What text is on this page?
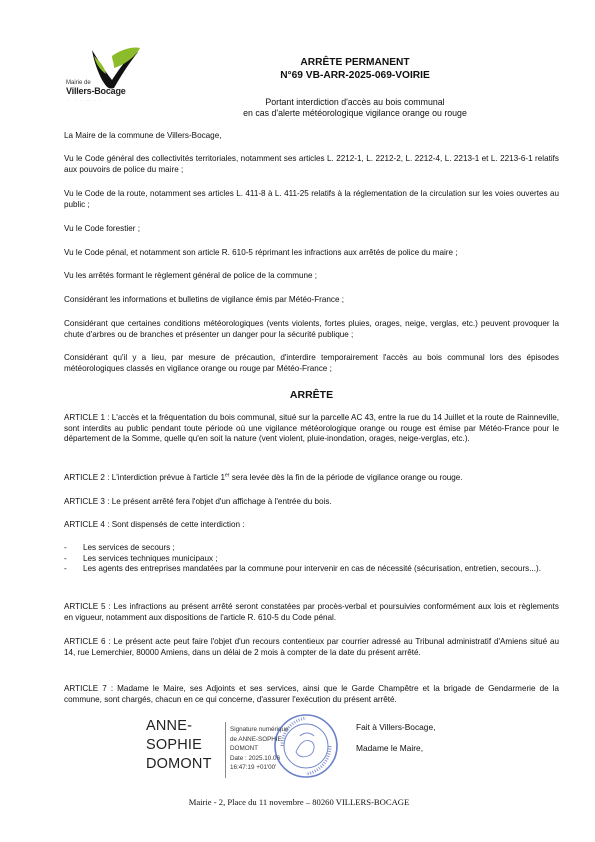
Mairie de
Villers-Bocage
· · · · · ·
ARRÊTE PERMANENT
N°69 VB-ARR-2025-069-VOIRIE
Portant interdiction d'accès au bois communal
en cas d'alerte météorologique vigilance orange ou rouge
La Maire de la commune de Villers-Bocage,
Vu le Code général des collectivités territoriales, notamment ses articles L. 2212-1, L. 2212-2, L. 2212-4, L. 2213-1 et L. 2213-6-1 relatifs aux pouvoirs de police du maire ;
Vu le Code de la route, notamment ses articles L. 411-8 à L. 411-25 relatifs à la réglementation de la circulation sur les voies ouvertes au public ;
Vu le Code forestier ;
Vu le Code pénal, et notamment son article R. 610-5 réprimant les infractions aux arrêtés de police du maire ;
Vu les arrêtés formant le règlement général de police de la commune ;
Considérant les informations et bulletins de vigilance émis par Météo-France ;
Considérant que certaines conditions météorologiques (vents violents, fortes pluies, orages, neige, verglas, etc.) peuvent provoquer la chute d'arbres ou de branches et présenter un danger pour la sécurité publique ;
Considérant qu'il y a lieu, par mesure de précaution, d'interdire temporairement l'accès au bois communal lors des épisodes météorologiques classés en vigilance orange ou rouge par Météo-France ;
ARRÊTE
ARTICLE 1 : L'accès et la fréquentation du bois communal, situé sur la parcelle AC 43, entre la rue du 14 Juillet et la route de Rainneville, sont interdits au public pendant toute période où une vigilance météorologique orange ou rouge est émise par Météo-France pour le département de la Somme, quelle qu'en soit la nature (vent violent, pluie-inondation, orages, neige-verglas, etc.).
ARTICLE 2 : L'interdiction prévue à l'article 1er sera levée dès la fin de la période de vigilance orange ou rouge.
ARTICLE 3 : Le présent arrêté fera l'objet d'un affichage à l'entrée du bois.
ARTICLE 4 : Sont dispensés de cette interdiction :
- Les services de secours ;
- Les services techniques municipaux ;
- Les agents des entreprises mandatées par la commune pour intervenir en cas de nécessité (sécurisation, entretien, secours...).
ARTICLE 5 : Les infractions au présent arrêté seront constatées par procès-verbal et poursuivies conformément aux lois et règlements en vigueur, notamment aux dispositions de l'article R. 610-5 du Code pénal.
ARTICLE 6 : Le présent acte peut faire l'objet d'un recours contentieux par courrier adressé au Tribunal administratif d'Amiens situé au 14, rue Lemerchier, 80000 Amiens, dans un délai de 2 mois à compter de la date du présent arrêté.
ARTICLE 7 : Madame le Maire, ses Adjoints et ses services, ainsi que le Garde Champêtre et la brigade de Gendarmerie de la commune, sont chargés, chacun en ce qui concerne, d'assurer l'exécution du présent arrêté.
ANNE-
SOPHIE
DOMONT
Signature numérique
de ANNE-SOPHIE
DOMONT
Date : 2025.10.06
16:47:19 +01'00'
Fait à Villers-Bocage,
Madame le Maire,
Mairie - 2, Place du 11 novembre – 80260 VILLERS-BOCAGE
